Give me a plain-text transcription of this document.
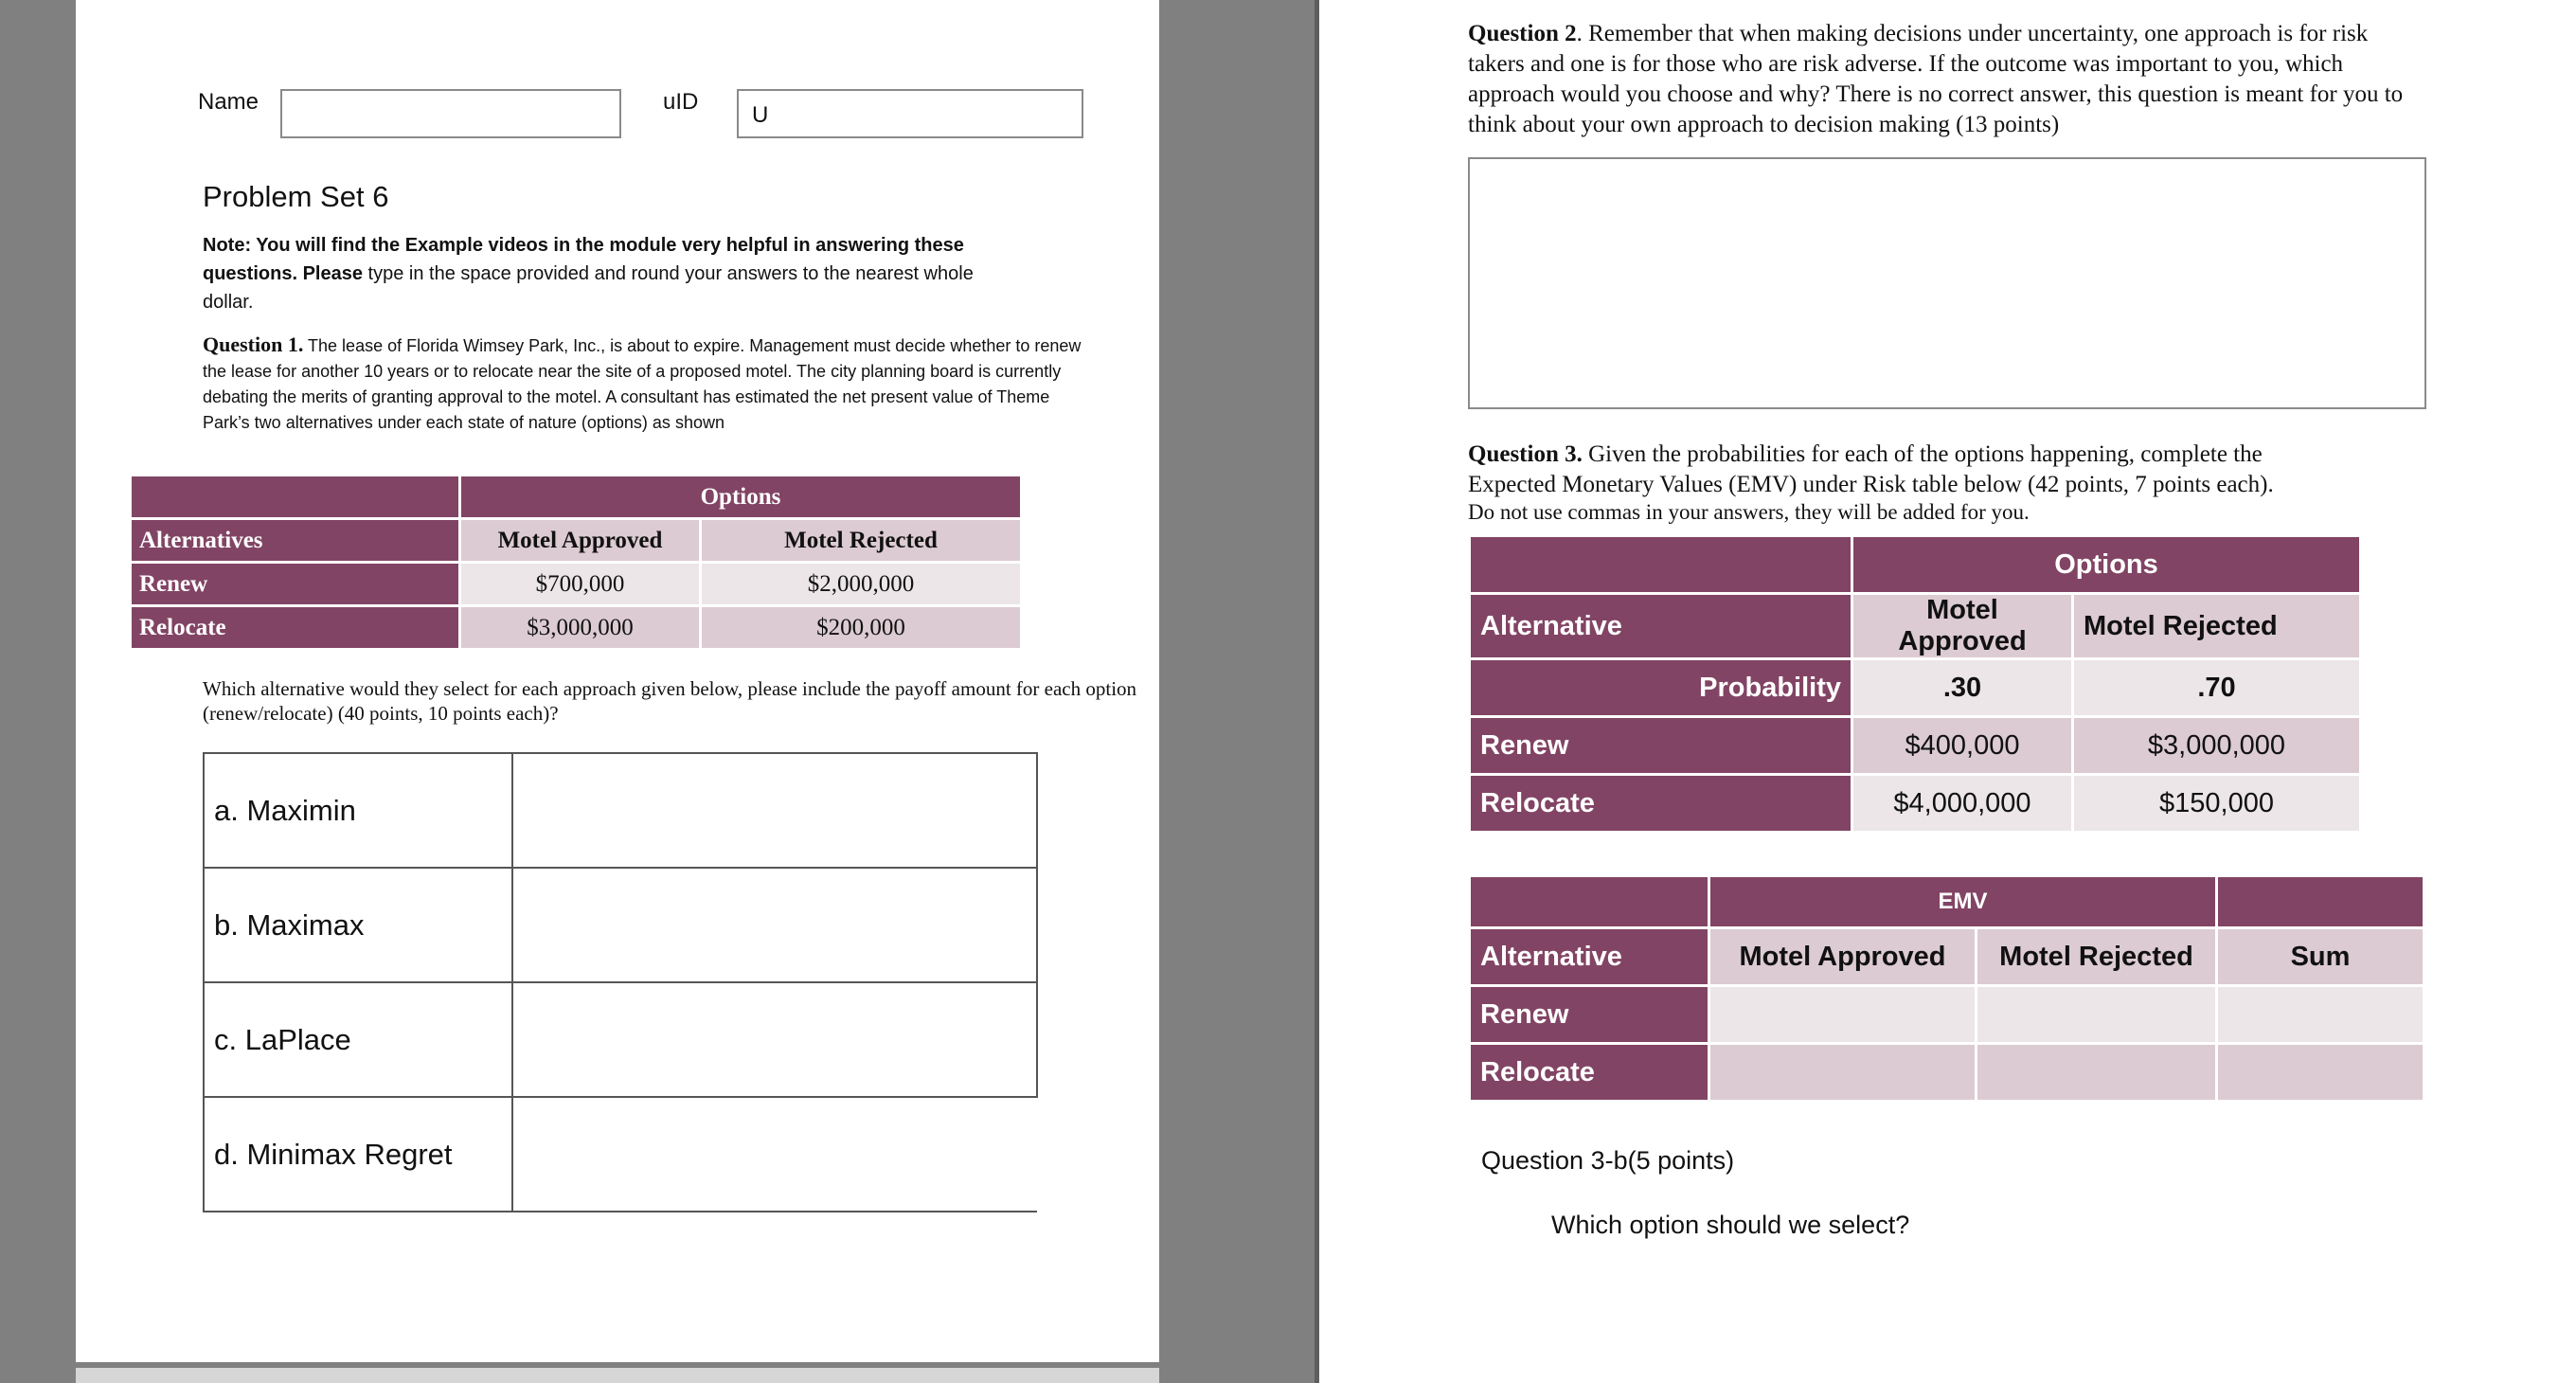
Name	uID
U
Problem Set 6
Note: You will find the Example videos in the module very helpful in answering these questions. Please type in the space provided and round your answers to the nearest whole dollar.
Question 1. The lease of Florida Wimsey Park, Inc., is about to expire. Management must decide whether to renew the lease for another 10 years or to relocate near the site of a proposed motel. The city planning board is currently debating the merits of granting approval to the motel. A consultant has estimated the net present value of Theme Park’s two alternatives under each state of nature (options) as shown
	Options	
Alternatives	Motel Approved	Motel Rejected
Renew	$700,000	$2,000,000
Relocate	$3,000,000	$200,000
Which alternative would they select for each approach given below, please include the payoff amount for each option (renew/relocate) (40 points, 10 points each)?
a. Maximin	
b. Maximax	
c. LaPlace	
d. Minimax Regret	
Question 2. Remember that when making decisions under uncertainty, one approach is for risk takers and one is for those who are risk adverse. If the outcome was important to you, which approach would you choose and why? There is no correct answer, this question is meant for you to think about your own approach to decision making (13 points)
Question 3. Given the probabilities for each of the options happening, complete the Expected Monetary Values (EMV) under Risk table below (42 points, 7 points each).
Do not use commas in your answers, they will be added for you.
	Options	
Alternative	Motel Approved	Motel Rejected
Probability	.30	.70
Renew	$400,000	$3,000,000
Relocate	$4,000,000	$150,000
	EMV		
Alternative	Motel Approved	Motel Rejected	Sum
Renew			
Relocate			
Question 3-b(5 points)
Which option should we select?
